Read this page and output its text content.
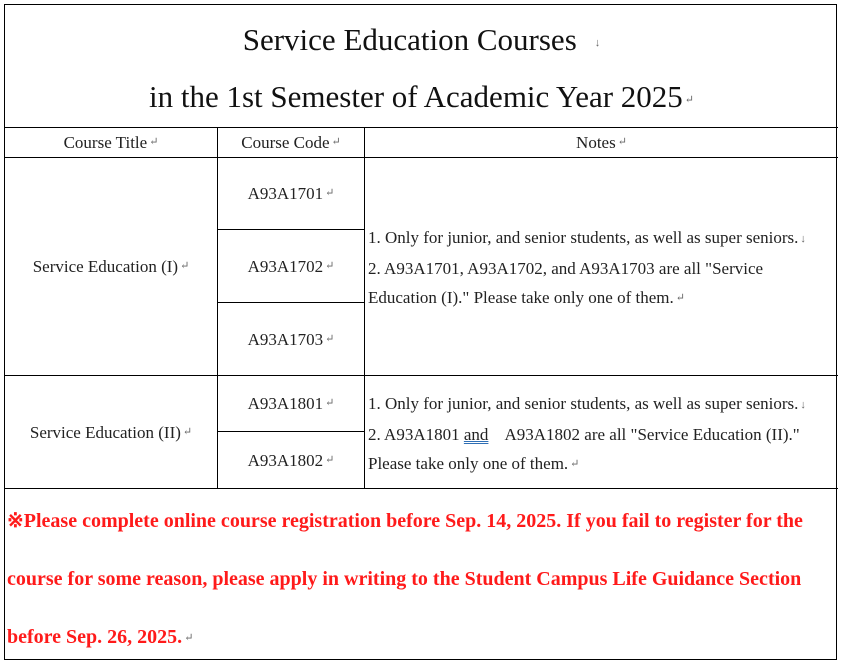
Service Education Courses ↓
in the 1st Semester of Academic Year 2025 ↵
Course Title ↵	Course Code ↵	Notes ↵
Service Education (I) ↵
A93A1701 ↵
A93A1702 ↵
A93A1703 ↵
1. Only for junior, and senior students, as well as super seniors. ↓
2. A93A1701, A93A1702, and A93A1703 are all "Service
Education (I)." Please take only one of them. ↵
Service Education (II) ↵
A93A1801 ↵
A93A1802 ↵
1. Only for junior, and senior students, as well as super seniors. ↓
2. A93A1801 and    A93A1802 are all "Service Education (II)."
Please take only one of them. ↵
※Please complete online course registration before Sep. 14, 2025. If you fail to register for the
course for some reason, please apply in writing to the Student Campus Life Guidance Section
before Sep. 26, 2025. ↵
